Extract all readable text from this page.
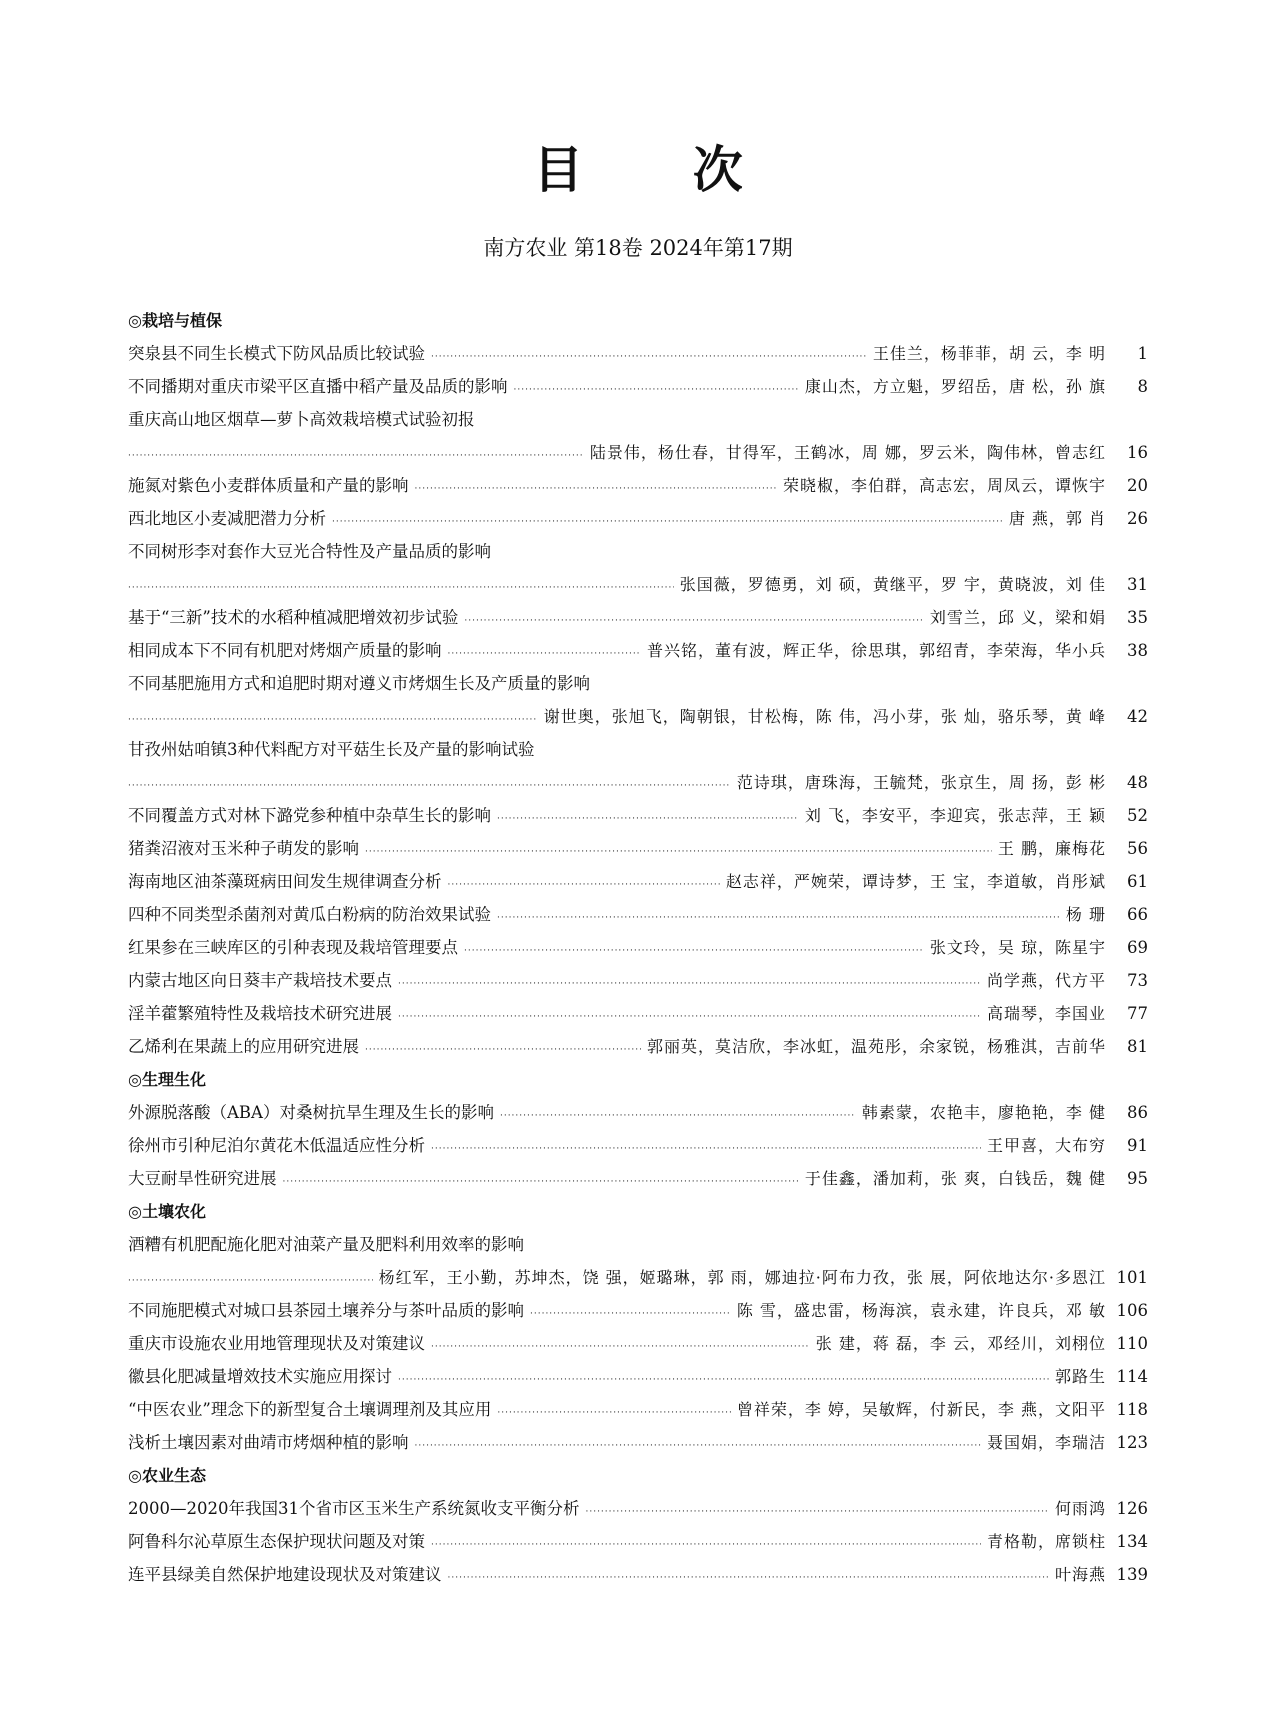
目 次
南方农业 第18卷 2024年第17期
◎栽培与植保
突泉县不同生长模式下防风品质比较试验 ·····	王佳兰，杨菲菲，胡 云，李 明	1
不同播期对重庆市梁平区直播中稻产量及品质的影响 ·····	康山杰，方立魁，罗绍岳，唐 松，孙 旗	8
重庆高山地区烟草—萝卜高效栽培模式试验初报
·····
陆景伟，杨仕春，甘得军，王鹤冰，周 娜，罗云米，陶伟林，曾志红	16
施氮对紫色小麦群体质量和产量的影响 ·····	荣晓椒，李伯群，高志宏，周凤云，谭恢宇	20
西北地区小麦减肥潜力分析 ·····	唐 燕，郭 肖	26
不同树形李对套作大豆光合特性及产量品质的影响
·····
张国薇，罗德勇，刘 硕，黄继平，罗 宇，黄晓波，刘 佳	31
基于“三新”技术的水稻种植减肥增效初步试验 ·····	刘雪兰，邱 义，梁和娟	35
相同成本下不同有机肥对烤烟产质量的影响 ·····	普兴铭，董有波，辉正华，徐思琪，郭绍青，李荣海，华小兵	38
不同基肥施用方式和追肥时期对遵义市烤烟生长及产质量的影响
·····
谢世奥，张旭飞，陶朝银，甘松梅，陈 伟，冯小芽，张 灿，骆乐琴，黄 峰	42
甘孜州姑咱镇3种代料配方对平菇生长及产量的影响试验
·····
范诗琪，唐珠海，王毓梵，张京生，周 扬，彭 彬	48
不同覆盖方式对林下潞党参种植中杂草生长的影响 ·····	刘 飞，李安平，李迎宾，张志萍，王 颖	52
猪粪沼液对玉米种子萌发的影响 ·····	王 鹏，廉梅花	56
海南地区油茶藻斑病田间发生规律调查分析 ·····	赵志祥，严婉荣，谭诗梦，王 宝，李道敏，肖彤斌	61
四种不同类型杀菌剂对黄瓜白粉病的防治效果试验 ·····	杨 珊	66
红果参在三峡库区的引种表现及栽培管理要点 ·····	张文玲，吴 琼，陈星宇	69
内蒙古地区向日葵丰产栽培技术要点 ·····	尚学燕，代方平	73
淫羊藿繁殖特性及栽培技术研究进展 ·····	高瑞琴，李国业	77
乙烯利在果蔬上的应用研究进展 ·····	郭丽英，莫洁欣，李冰虹，温苑彤，余家锐，杨雅淇，吉前华	81
◎生理生化
外源脱落酸（ABA）对桑树抗旱生理及生长的影响 ·····	韩素蒙，农艳丰，廖艳艳，李 健	86
徐州市引种尼泊尔黄花木低温适应性分析 ·····	王甲喜，大布穷	91
大豆耐旱性研究进展 ·····	于佳鑫，潘加莉，张 爽，白钱岳，魏 健	95
◎土壤农化
酒糟有机肥配施化肥对油菜产量及肥料利用效率的影响
·····
杨红军，王小勤，苏坤杰，饶 强，姬璐琳，郭 雨，娜迪拉·阿布力孜，张 展，阿依地达尔·多恩江 101
不同施肥模式对城口县茶园土壤养分与茶叶品质的影响 ·····	陈 雪，盛忠雷，杨海滨，袁永建，许良兵，邓 敏 106
重庆市设施农业用地管理现状及对策建议 ·····	张 建，蒋 磊，李 云，邓经川，刘栩位 110
徽县化肥减量增效技术实施应用探讨 ·····	郭路生 114
“中医农业”理念下的新型复合土壤调理剂及其应用 ·····	曾祥荣，李 婷，吴敏辉，付新民，李 燕，文阳平 118
浅析土壤因素对曲靖市烤烟种植的影响 ·····	聂国娟，李瑞洁 123
◎农业生态
2000—2020年我国31个省市区玉米生产系统氮收支平衡分析 ·····	何雨鸿 126
阿鲁科尔沁草原生态保护现状问题及对策 ·····	青格勒，席锁柱 134
连平县绿美自然保护地建设现状及对策建议 ·····	叶海燕 139
